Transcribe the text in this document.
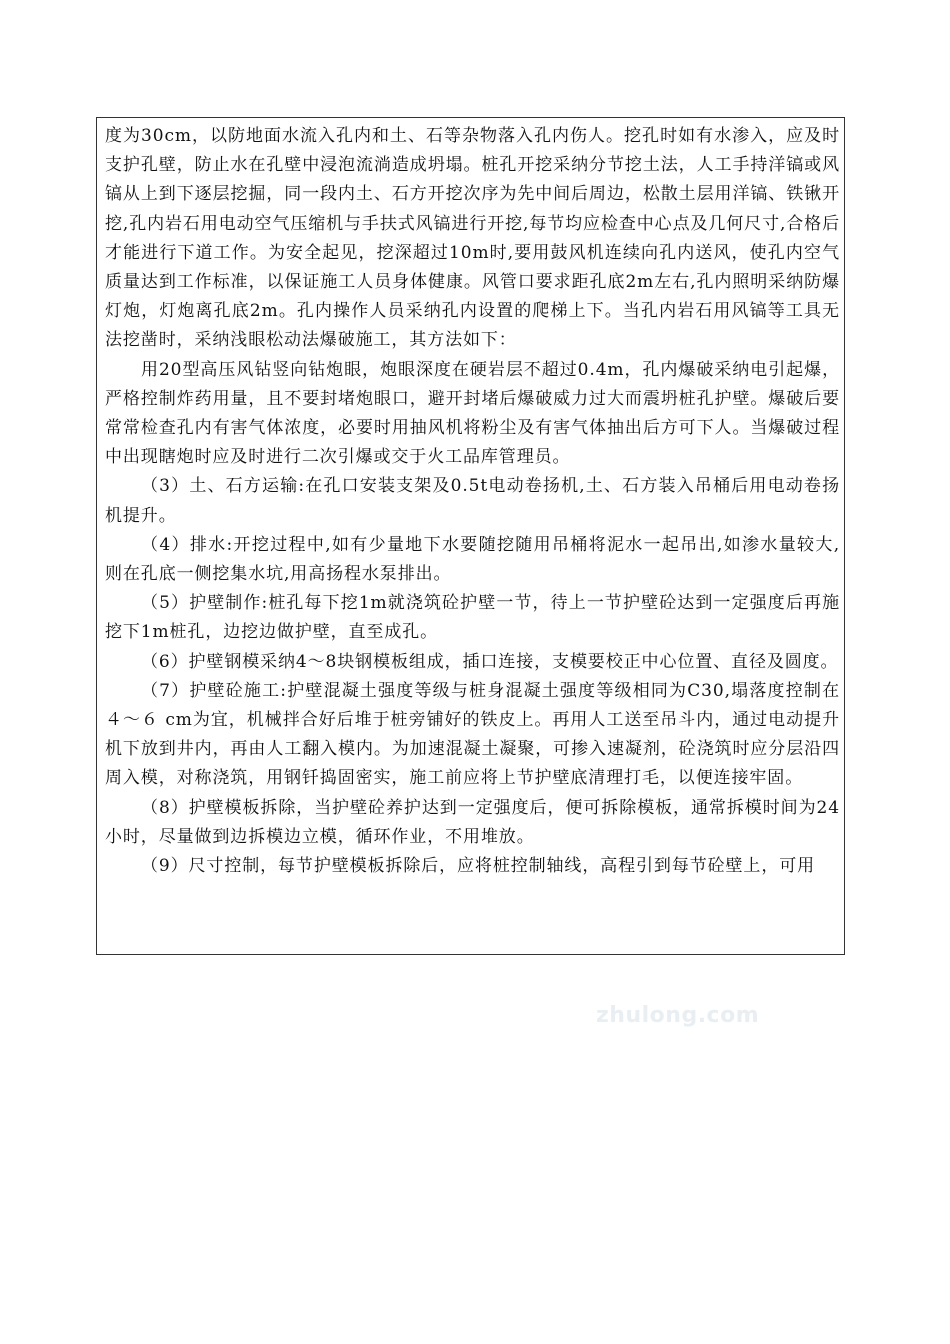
度为30cm，以防地面水流入孔内和土、石等杂物落入孔内伤人。挖孔时如有水渗入，应及时支护孔壁，防止水在孔壁中浸泡流淌造成坍塌。桩孔开挖采纳分节挖土法，人工手持洋镐或风镐从上到下逐层挖掘，同一段内土、石方开挖次序为先中间后周边，松散土层用洋镐、铁锹开挖,孔内岩石用电动空气压缩机与手扶式风镐进行开挖,每节均应检查中心点及几何尺寸,合格后才能进行下道工作。为安全起见，挖深超过10m时,要用鼓风机连续向孔内送风，使孔内空气质量达到工作标准，以保证施工人员身体健康。风管口要求距孔底2m左右,孔内照明采纳防爆灯炮，灯炮离孔底2m。孔内操作人员采纳孔内设置的爬梯上下。当孔内岩石用风镐等工具无法挖凿时，采纳浅眼松动法爆破施工，其方法如下：

用20型高压风钻竖向钻炮眼，炮眼深度在硬岩层不超过0.4m，孔内爆破采纳电引起爆，严格控制炸药用量，且不要封堵炮眼口，避开封堵后爆破威力过大而震坍桩孔护壁。爆破后要常常检查孔内有害气体浓度，必要时用抽风机将粉尘及有害气体抽出后方可下人。当爆破过程中出现瞎炮时应及时进行二次引爆或交于火工品库管理员。

（3）土、石方运输:在孔口安装支架及0.5t电动卷扬机,土、石方装入吊桶后用电动卷扬机提升。

（4）排水:开挖过程中,如有少量地下水要随挖随用吊桶将泥水一起吊出,如渗水量较大,则在孔底一侧挖集水坑,用高扬程水泵排出。

（5）护壁制作:桩孔每下挖1m就浇筑砼护壁一节，待上一节护壁砼达到一定强度后再施挖下1m桩孔，边挖边做护壁，直至成孔。

（6）护壁钢模采纳4～8块钢模板组成，插口连接，支模要校正中心位置、直径及圆度。

（7）护壁砼施工:护壁混凝土强度等级与桩身混凝土强度等级相同为C30,塌落度控制在４～６ cm为宜，机械拌合好后堆于桩旁铺好的铁皮上。再用人工送至吊斗内，通过电动提升机下放到井内，再由人工翻入模内。为加速混凝土凝聚，可掺入速凝剂，砼浇筑时应分层沿四周入模，对称浇筑，用钢钎捣固密实，施工前应将上节护壁底清理打毛，以便连接牢固。

（8）护壁模板拆除，当护壁砼养护达到一定强度后，便可拆除模板，通常拆模时间为24小时，尽量做到边拆模边立模，循环作业，不用堆放。

（9）尺寸控制，每节护壁模板拆除后，应将桩控制轴线，高程引到每节砼壁上，可用

zhulong.com
